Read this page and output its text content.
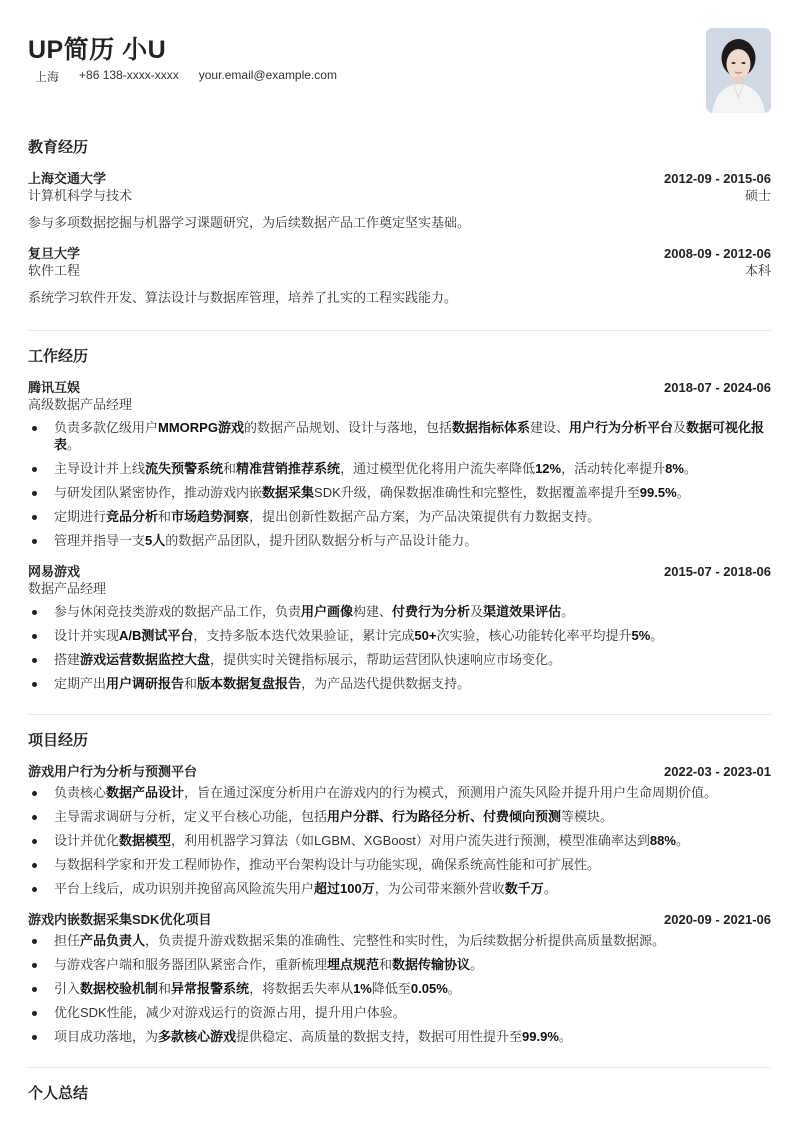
UP简历 小U
上海 +86 138-xxxx-xxxx your.email@example.com
教育经历
上海交通大学	2012-09 - 2015-06
计算机科学与技术	硕士
参与多项数据挖掘与机器学习课题研究，为后续数据产品工作奠定坚实基础。
复旦大学	2008-09 - 2012-06
软件工程	本科
系统学习软件开发、算法设计与数据库管理，培养了扎实的工程实践能力。
工作经历
腾讯互娱	2018-07 - 2024-06
高级数据产品经理
负责多款亿级用户MMORPG游戏的数据产品规划、设计与落地，包括数据指标体系建设、用户行为分析平台及数据可视化报表。
主导设计并上线流失预警系统和精准营销推荐系统，通过模型优化将用户流失率降低12%，活动转化率提升8%。
与研发团队紧密协作，推动游戏内嵌数据采集SDK升级，确保数据准确性和完整性，数据覆盖率提升至99.5%。
定期进行竞品分析和市场趋势洞察，提出创新性数据产品方案，为产品决策提供有力数据支持。
管理并指导一支5人的数据产品团队，提升团队数据分析与产品设计能力。
网易游戏	2015-07 - 2018-06
数据产品经理
参与休闲竞技类游戏的数据产品工作，负责用户画像构建、付费行为分析及渠道效果评估。
设计并实现A/B测试平台，支持多版本迭代效果验证，累计完成50+次实验，核心功能转化率平均提升5%。
搭建游戏运营数据监控大盘，提供实时关键指标展示，帮助运营团队快速响应市场变化。
定期产出用户调研报告和版本数据复盘报告，为产品迭代提供数据支持。
项目经历
游戏用户行为分析与预测平台	2022-03 - 2023-01
负责核心数据产品设计，旨在通过深度分析用户在游戏内的行为模式，预测用户流失风险并提升用户生命周期价值。
主导需求调研与分析，定义平台核心功能，包括用户分群、行为路径分析、付费倾向预测等模块。
设计并优化数据模型，利用机器学习算法（如LGBM、XGBoost）对用户流失进行预测，模型准确率达到88%。
与数据科学家和开发工程师协作，推动平台架构设计与功能实现，确保系统高性能和可扩展性。
平台上线后，成功识别并挽留高风险流失用户超过100万，为公司带来额外营收数千万。
游戏内嵌数据采集SDK优化项目	2020-09 - 2021-06
担任产品负责人，负责提升游戏数据采集的准确性、完整性和实时性，为后续数据分析提供高质量数据源。
与游戏客户端和服务器团队紧密合作，重新梳理埋点规范和数据传输协议。
引入数据校验机制和异常报警系统，将数据丢失率从1%降低至0.05%。
优化SDK性能，减少对游戏运行的资源占用，提升用户体验。
项目成功落地，为多款核心游戏提供稳定、高质量的数据支持，数据可用性提升至99.9%。
个人总结
